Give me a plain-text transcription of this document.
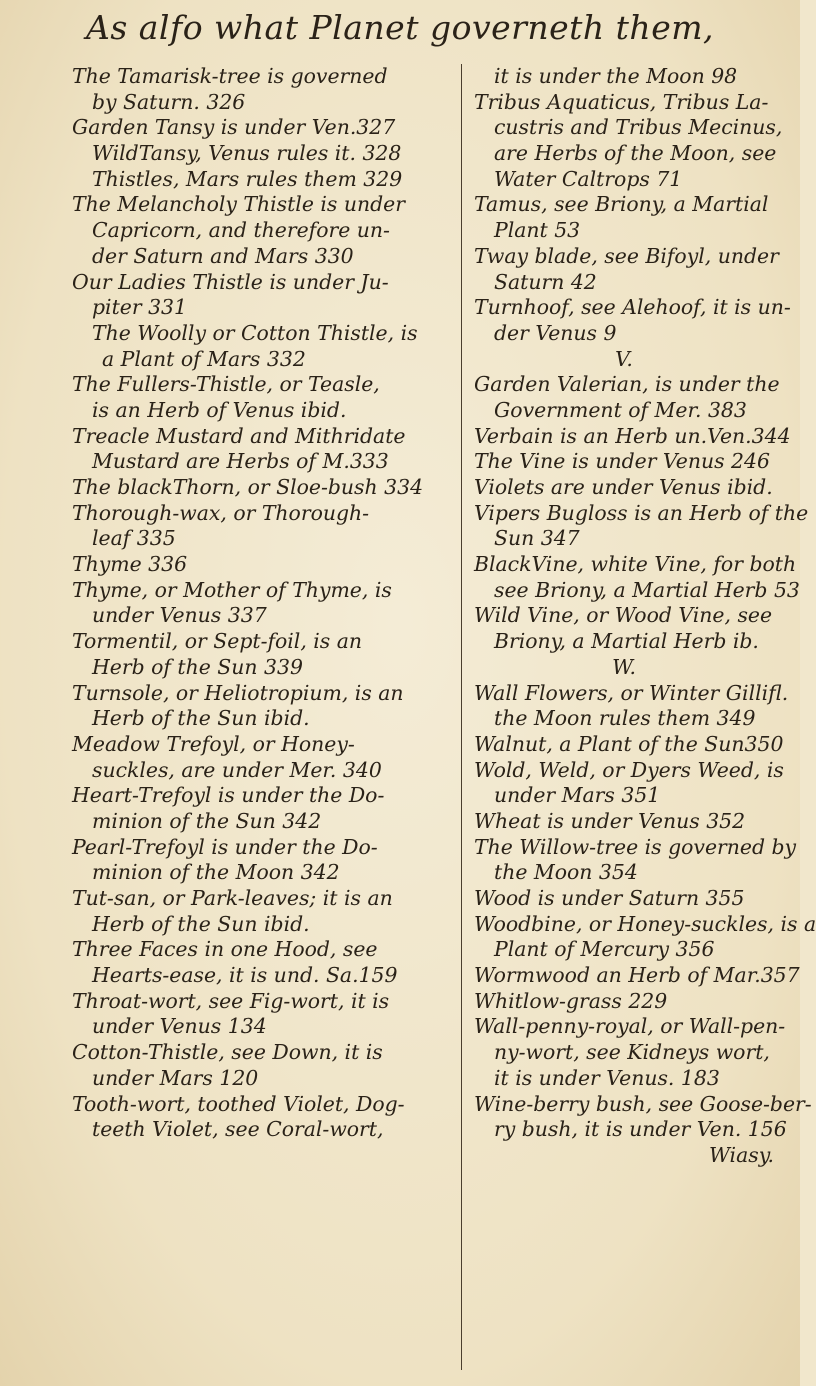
As alfo what Planet governeth them,
The Tamarisk-tree is governed
by Saturn. 326
Garden Tansy is under Ven.327
WildTansy, Venus rules it. 328
Thistles, Mars rules them 329
The Melancholy Thistle is under
Capricorn, and therefore un-
der Saturn and Mars 330
Our Ladies Thistle is under Ju-
piter 331
The Woolly or Cotton Thistle, is
a Plant of Mars 332
The Fullers-Thistle, or Teasle,
is an Herb of Venus ibid.
Treacle Mustard and Mithridate
Mustard are Herbs of M.333
The blackThorn, or Sloe-bush 334
Thorough-wax, or Thorough-
leaf 335
Thyme 336
Thyme, or Mother of Thyme, is
under Venus 337
Tormentil, or Sept-foil, is an
Herb of the Sun 339
Turnsole, or Heliotropium, is an
Herb of the Sun ibid.
Meadow Trefoyl, or Honey-
suckles, are under Mer. 340
Heart-Trefoyl is under the Do-
minion of the Sun 342
Pearl-Trefoyl is under the Do-
minion of the Moon 342
Tut-san, or Park-leaves; it is an
Herb of the Sun ibid.
Three Faces in one Hood, see
Hearts-ease, it is und. Sa.159
Throat-wort, see Fig-wort, it is
under Venus 134
Cotton-Thistle, see Down, it is
under Mars 120
Tooth-wort, toothed Violet, Dog-
teeth Violet, see Coral-wort,
it is under the Moon 98
Tribus Aquaticus, Tribus La-
custris and Tribus Mecinus,
are Herbs of the Moon, see
Water Caltrops 71
Tamus, see Briony, a Martial
Plant 53
Tway blade, see Bifoyl, under
Saturn 42
Turnhoof, see Alehoof, it is un-
der Venus 9
V.
Garden Valerian, is under the
Government of Mer. 383
Verbain is an Herb un.Ven.344
The Vine is under Venus 246
Violets are under Venus ibid.
Vipers Bugloss is an Herb of the
Sun 347
BlackVine, white Vine, for both
see Briony, a Martial Herb 53
Wild Vine, or Wood Vine, see
Briony, a Martial Herb ib.
W.
Wall Flowers, or Winter Gillifl.
the Moon rules them 349
Walnut, a Plant of the Sun350
Wold, Weld, or Dyers Weed, is
under Mars 351
Wheat is under Venus 352
The Willow-tree is governed by
the Moon 354
Wood is under Saturn 355
Woodbine, or Honey-suckles, is a
Plant of Mercury 356
Wormwood an Herb of Mar.357
Whitlow-grass 229
Wall-penny-royal, or Wall-pen-
ny-wort, see Kidneys wort,
it is under Venus. 183
Wine-berry bush, see Goose-ber-
ry bush, it is under Ven. 156
Wiasy.
